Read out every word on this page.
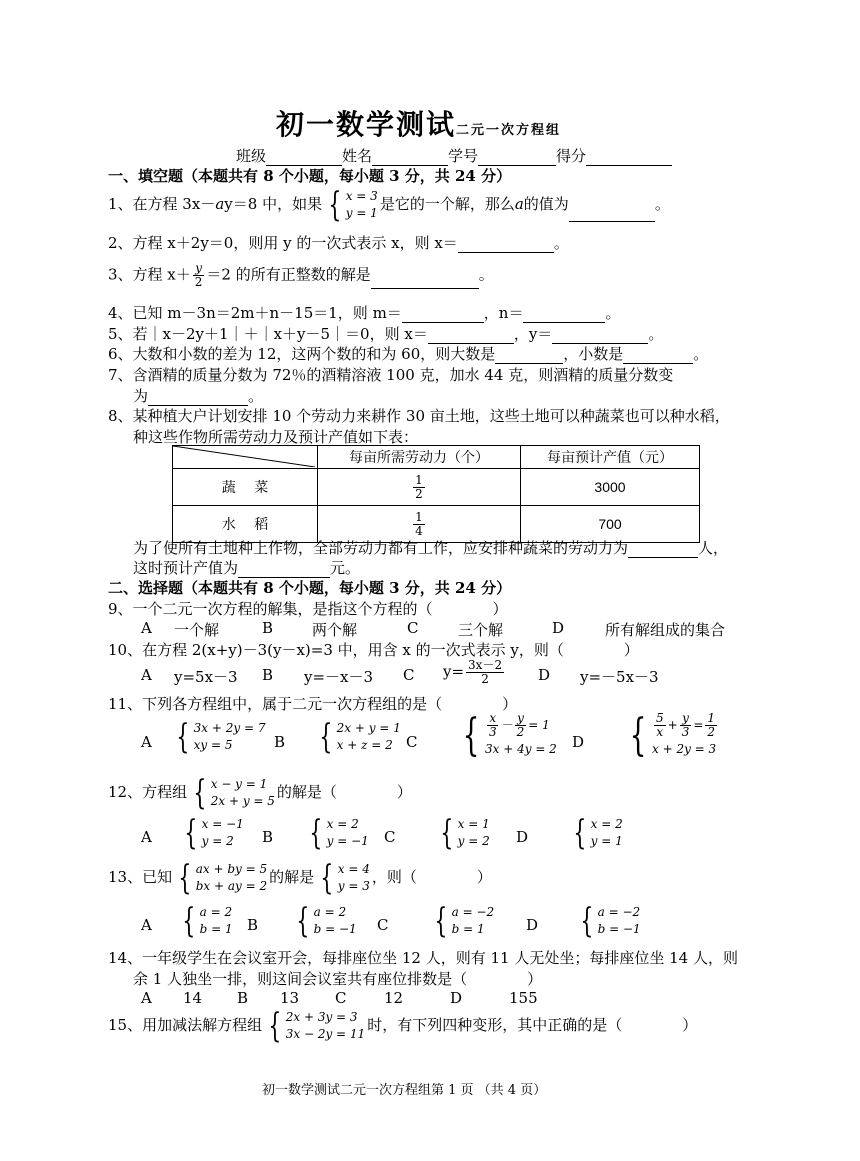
初一数学测试二元一次方程组
班级	姓名	学号	得分
一、填空题（本题共有 8 个小题，每小题 3 分，共 24 分）
1、在方程 3x－ay＝8 中，如果 { x = 3
y = 1 是它的一个解，那么a的值为	。
2、方程 x＋2y＝0，则用 y 的一次式表示 x，则 x＝	。
3、方程 $x+ \frac{y}{2} =2$ 的所有正整数的解是	。
4、已知 m－3n＝2m＋n－15＝1，则 m＝	，n＝	。
5、若｜x－2y＋1｜＋｜x＋y－5｜＝0，则 x＝	，y＝	。
6、大数和小数的差为 12，这两个数的和为 60，则大数是	，小数是	。
7、含酒精的质量分数为 72％的酒精溶液 100 克，加水 44 克，则酒精的质量分数变
为	。
8、某种植大户计划安排 10 个劳动力来耕作 30 亩土地，这些土地可以种蔬菜也可以种水稻，
种这些作物所需劳动力及预计产值如下表：
	每亩所需劳动力（个）	每亩预计产值（元）
蔬　 菜	$\frac{1}{2}$	3000
水　 稻	$\frac{1}{4}$	700
为了使所有土地种上作物，全部劳动力都有工作，应安排种蔬菜的劳动力为	人，
这时预计产值为	元。
二、选择题（本题共有 8 个小题，每小题 3 分，共 24 分）
9、一个二元一次方程的解集，是指这个方程的（　　　　）
A 一个解	B	两个解	C	三个解	D	所有解组成的集合
10、在方程 2(x+y)－3(y－x)=3 中，用含 x 的一次式表示 y，则（　　　　）
A y=5x－3 B y=－x－3 C $y= \frac{3x-2}{2}$ D y=－5x－3
11、下列各方程组中，属于二元一次方程组的是（　　　　）
A { 3x + 2y = 7
xy = 5	B { 2x + y = 1
x + z = 2 C { $\frac{x}{3} - \frac{y}{2} = 1$
3x + 4y = 2 D { $\frac{5}{x} + \frac{y}{3} = \frac{1}{2}$
x + 2y = 3
12、方程组 { x − y = 1
2x + y = 5 的解是（　　　　）
A { x = −1
y = 2	B { x = 2
y = −1 C { x = 1
y = 2 D { x = 2
y = 1
13、已知 { ax + by = 5
bx + ay = 2 的解是 { x = 4
y = 3 ，则（　　　　）
A { a = 2
b = 1 B { a = 2
b = −1 C { a = −2
b = 1	D { a = −2
b = −1
14、一年级学生在会议室开会，每排座位坐 12 人，则有 11 人无处坐；每排座位坐 14 人，则
余 1 人独坐一排，则这间会议室共有座位排数是（　　　　）
A 14 B 13 C	12	D	155
15、用加减法解方程组 { 2x + 3y = 3
3x − 2y = 11 时，有下列四种变形，其中正确的是（　　　　）
初一数学测试二元一次方程组第 1 页 （共 4 页）
